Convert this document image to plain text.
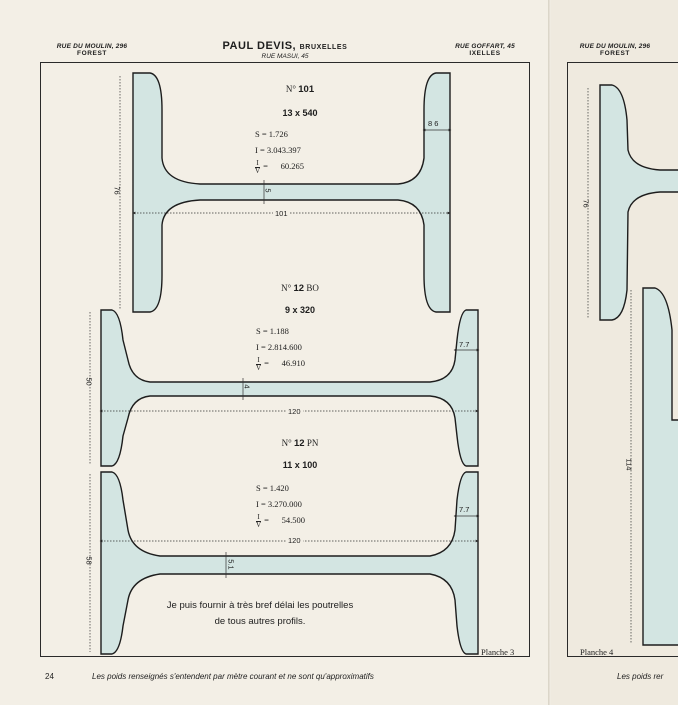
RUE DU MOULIN, 296
FOREST
PAUL DEVIS, BRUXELLES
RUE MASUI, 45
RUE GOFFART, 45
IXELLES
RUE DU MOULIN, 296
FOREST
N° 101
13 x 540
S = 1.726
I = 3.043.397
$\frac{I}{V} = 60.265$
76
101
8 6
5
N° 12 BO
9 x 320
S = 1.188
I = 2.814.600
$\frac{I}{V} = 46.910$
50
120
7.7
4
N° 12 PN
11 x 100
S = 1.420
I = 3.270.000
$\frac{I}{V} = 54.500$
58
120
7.7
5.1
76
114
Planche 4
Je puis fournir à très bref délai les poutrelles
de tous autres profils.
Planche 3
24	Les poids renseignés s'entendent par mètre courant et ne sont qu'approximatifs	Les poids rer
